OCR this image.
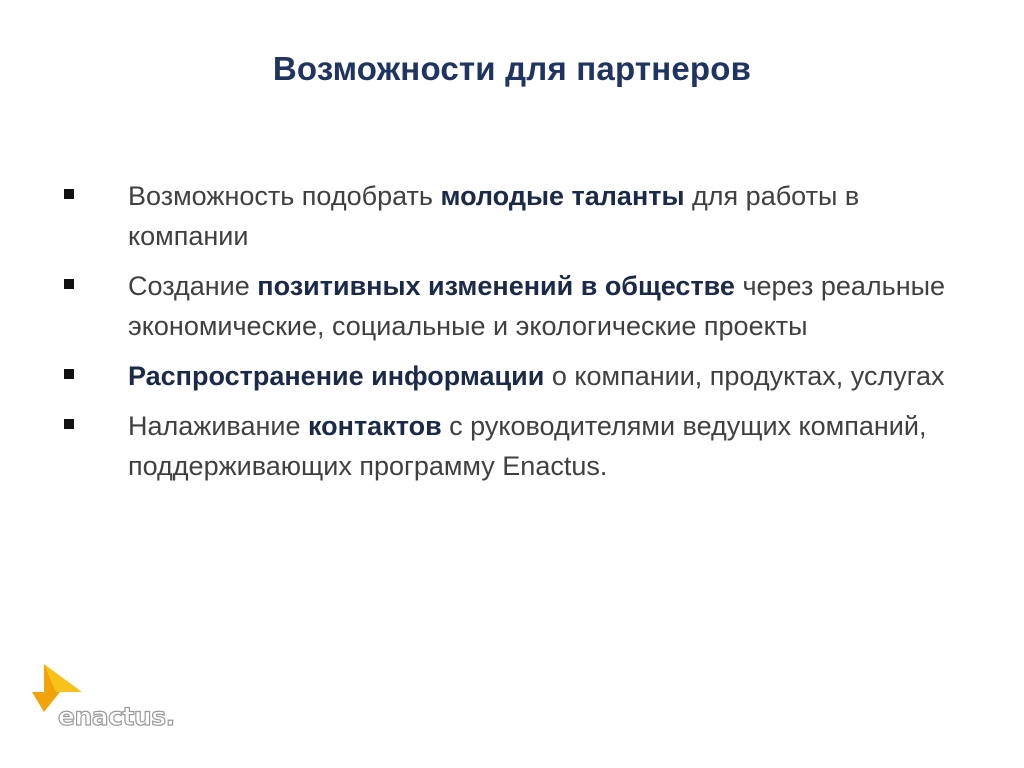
Возможности для партнеров
Возможность подобрать молодые таланты для работы в компании
Создание позитивных изменений в обществе через реальные экономические, социальные и экологические проекты
Распространение информации о компании, продуктах, услугах
Налаживание контактов с руководителями ведущих компаний, поддерживающих программу Enactus.
enactus.
